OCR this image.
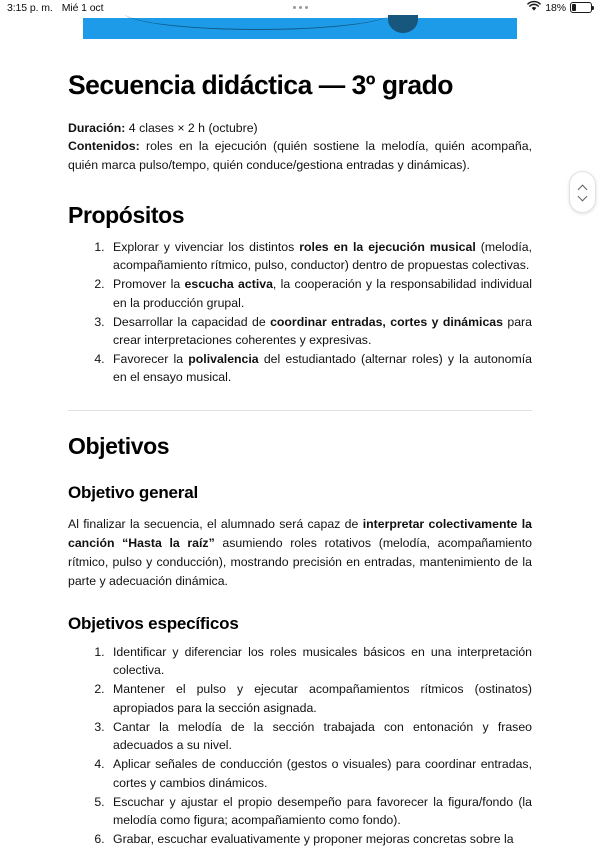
3:15 p. m. Mié 1 oct	18%
Secuencia didáctica — 3º grado
Duración: 4 clases × 2 h (octubre)
Contenidos: roles en la ejecución (quién sostiene la melodía, quién acompaña, quién marca pulso/tempo, quién conduce/gestiona entradas y dinámicas).
Propósitos
1. Explorar y vivenciar los distintos roles en la ejecución musical (melodía, acompañamiento rítmico, pulso, conductor) dentro de propuestas colectivas.
2. Promover la escucha activa, la cooperación y la responsabilidad individual en la producción grupal.
3. Desarrollar la capacidad de coordinar entradas, cortes y dinámicas para crear interpretaciones coherentes y expresivas.
4. Favorecer la polivalencia del estudiantado (alternar roles) y la autonomía en el ensayo musical.
Objetivos
Objetivo general

Al finalizar la secuencia, el alumnado será capaz de interpretar colectivamente la canción “Hasta la raíz” asumiendo roles rotativos (melodía, acompañamiento rítmico, pulso y conducción), mostrando precisión en entradas, mantenimiento de la parte y adecuación dinámica.

Objetivos específicos
1. Identificar y diferenciar los roles musicales básicos en una interpretación colectiva.
2. Mantener el pulso y ejecutar acompañamientos rítmicos (ostinatos) apropiados para la sección asignada.
3. Cantar la melodía de la sección trabajada con entonación y fraseo adecuados a su nivel.
4. Aplicar señales de conducción (gestos o visuales) para coordinar entradas, cortes y cambios dinámicos.
5. Escuchar y ajustar el propio desempeño para favorecer la figura/fondo (la melodía como figura; acompañamiento como fondo).
6. Grabar, escuchar evaluativamente y proponer mejoras concretas sobre la
